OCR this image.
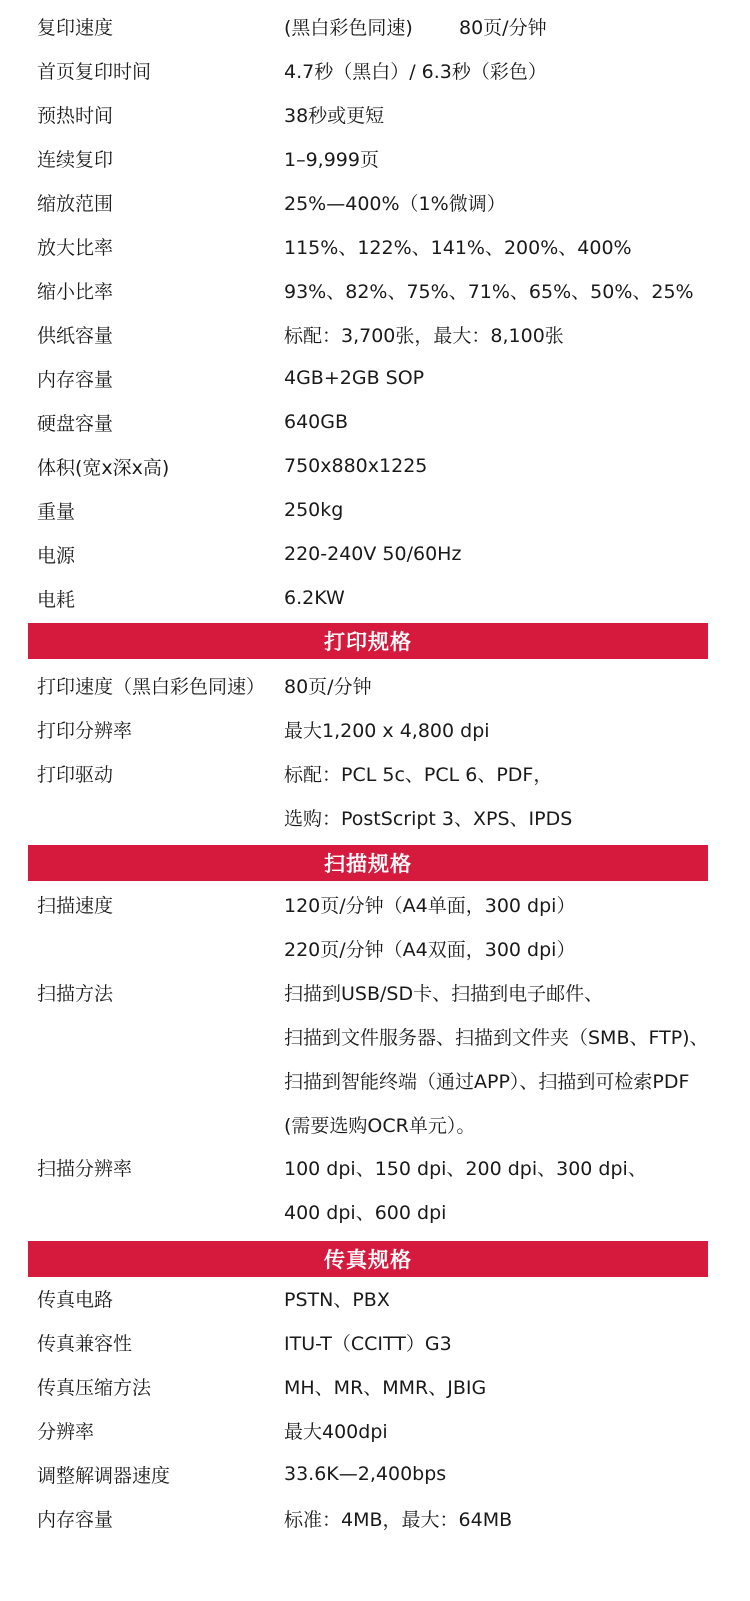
复印速度	(黑白彩色同速) 80页/分钟
首页复印时间	4.7秒（黑白）/ 6.3秒（彩色）
预热时间	38秒或更短
连续复印	1–9,999页
缩放范围	25%—400%（1%微调）
放大比率	115%、122%、141%、200%、400%
缩小比率	93%、82%、75%、71%、65%、50%、25%
供纸容量	标配：3,700张，最大：8,100张
内存容量	4GB+2GB SOP
硬盘容量	640GB
体积(宽x深x高)	750x880x1225
重量	250kg
电源	220-240V 50/60Hz
电耗	6.2KW
打印规格
打印速度（黑白彩色同速） 80页/分钟
打印分辨率	最大1,200 x 4,800 dpi
打印驱动	标配：PCL 5c、PCL 6、PDF，
选购：PostScript 3、XPS、IPDS
扫描规格
扫描速度	120页/分钟（A4单面，300 dpi）
220页/分钟（A4双面，300 dpi）
扫描方法	扫描到USB/SD卡、扫描到电子邮件、
扫描到文件服务器、扫描到文件夹（SMB、FTP)、
扫描到智能终端（通过APP）、扫描到可检索PDF
(需要选购OCR单元）。
扫描分辨率	100 dpi、150 dpi、200 dpi、300 dpi、
400 dpi、600 dpi
传真规格
传真电路	PSTN、PBX
传真兼容性	ITU-T（CCITT）G3
传真压缩方法	MH、MR、MMR、JBIG
分辨率	最大400dpi
调整解调器速度	33.6K—2,400bps
内存容量	标准：4MB，最大：64MB
